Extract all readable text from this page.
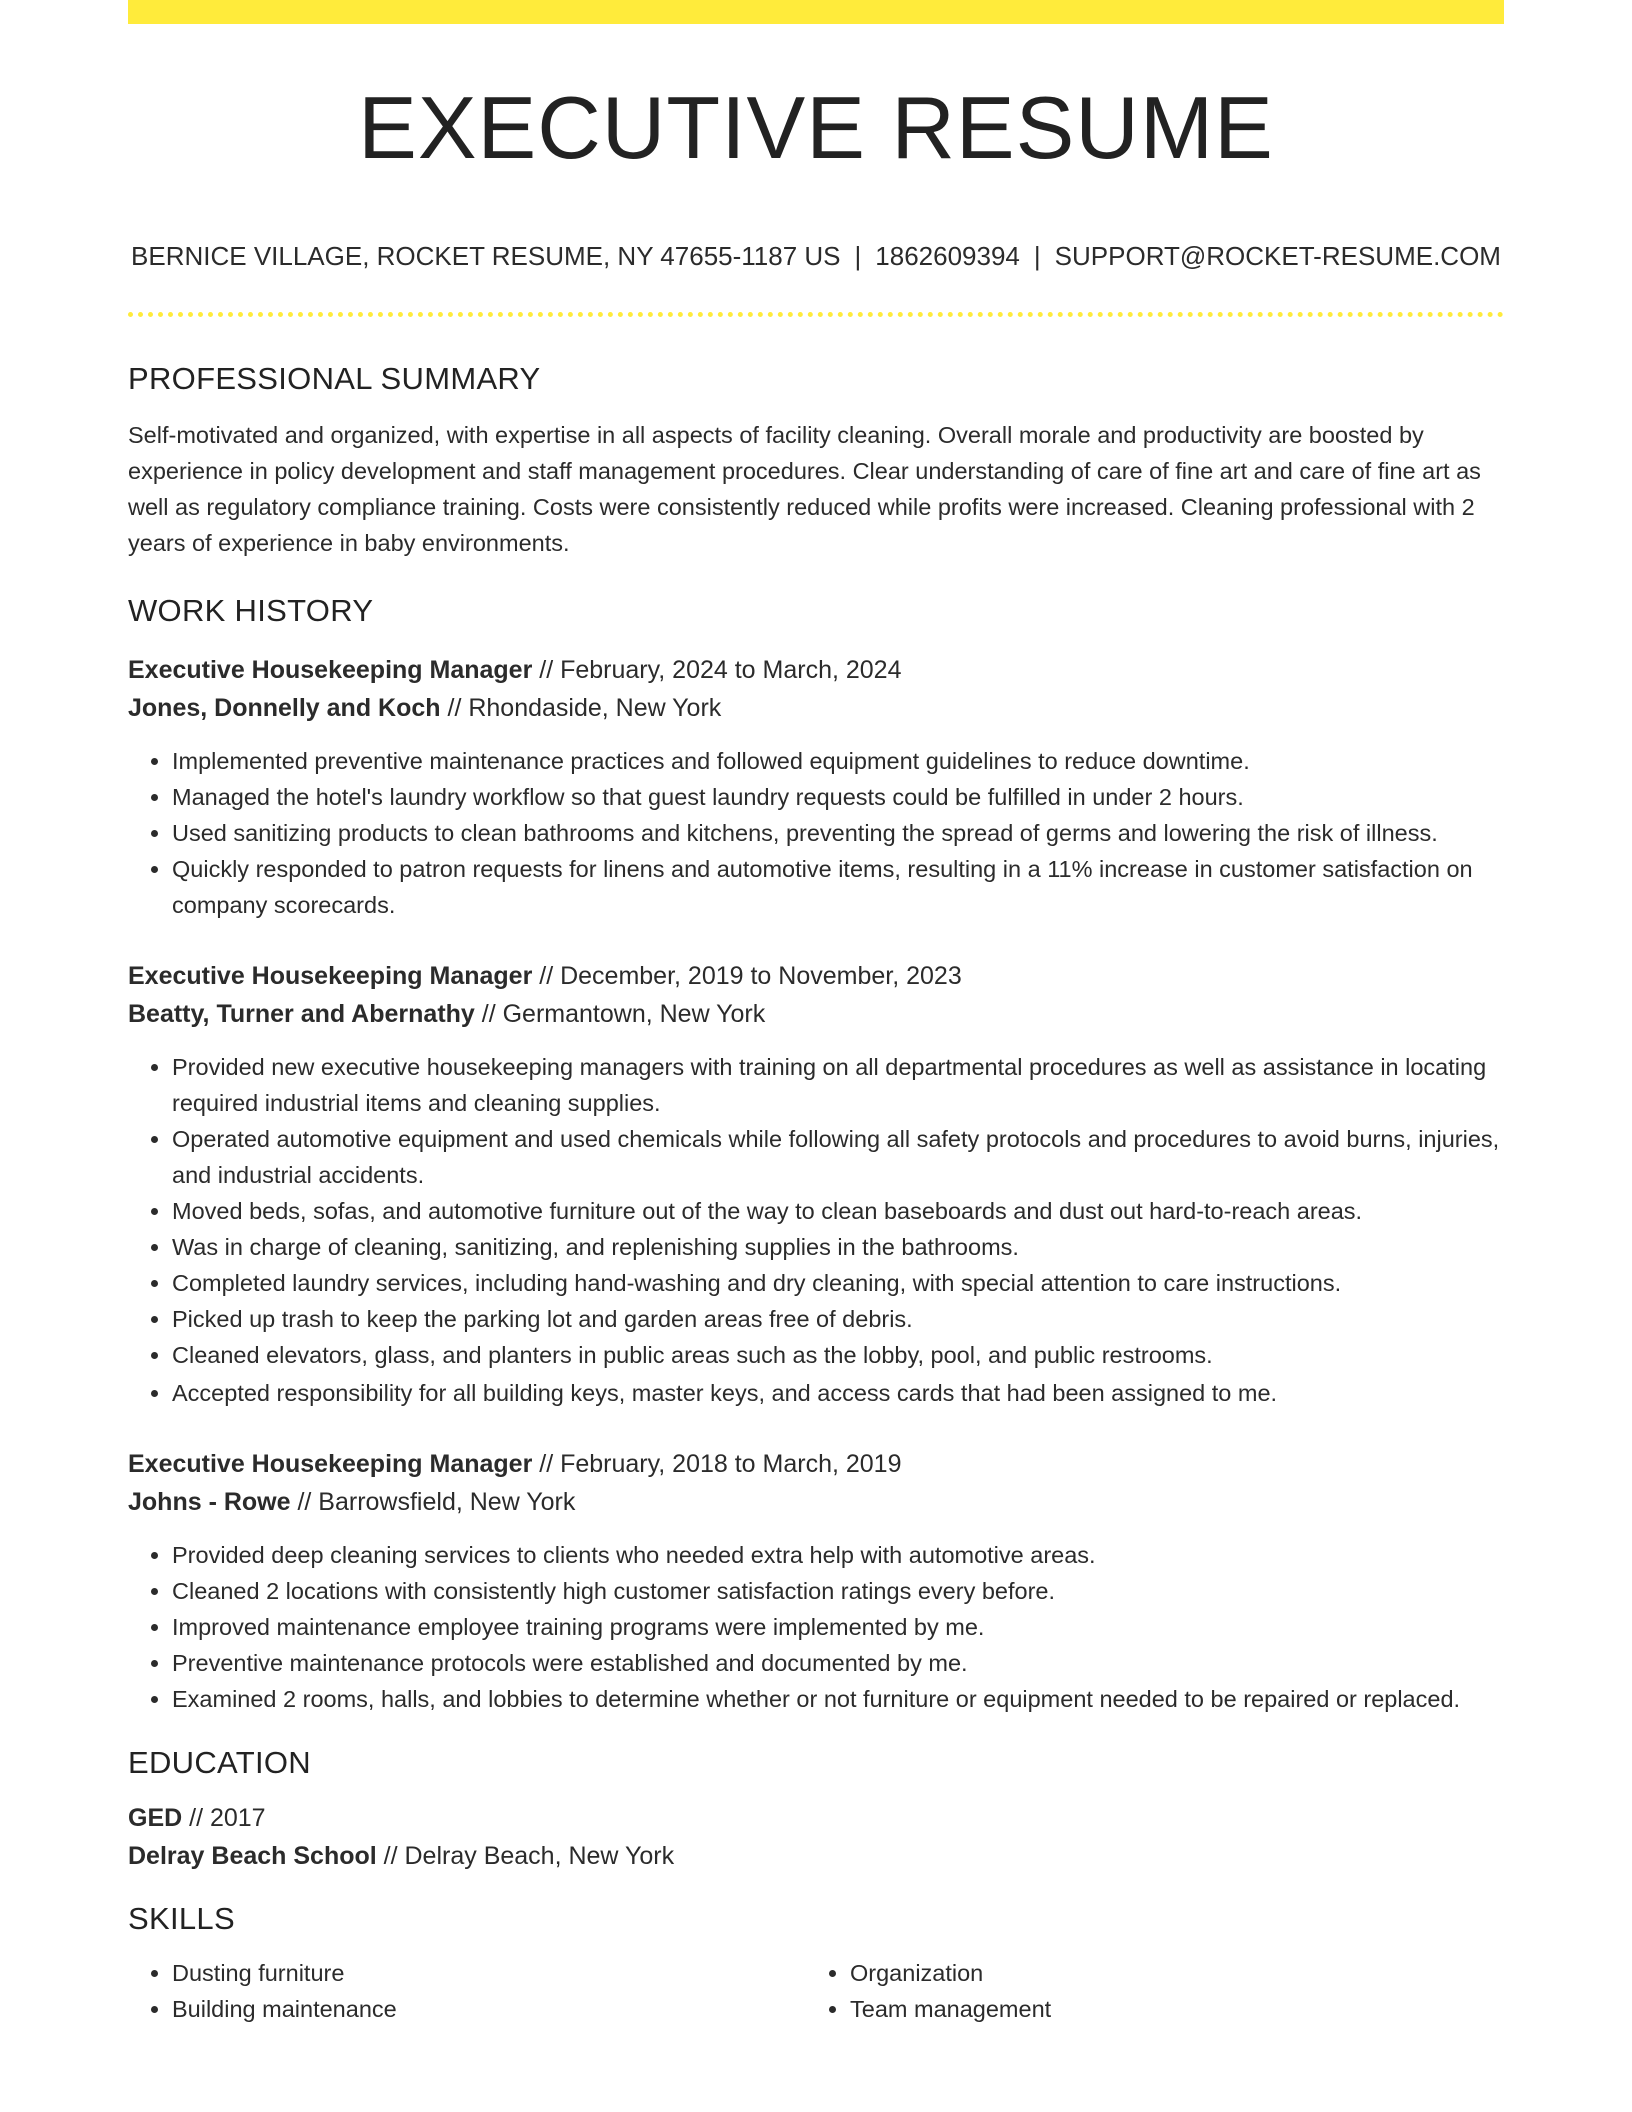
EXECUTIVE RESUME
BERNICE VILLAGE, ROCKET RESUME, NY 47655-1187 US | 1862609394 | SUPPORT@ROCKET-RESUME.COM
PROFESSIONAL SUMMARY

Self-motivated and organized, with expertise in all aspects of facility cleaning. Overall morale and productivity are boosted by experience in policy development and staff management procedures. Clear understanding of care of fine art and care of fine art as well as regulatory compliance training. Costs were consistently reduced while profits were increased. Cleaning professional with 2 years of experience in baby environments.

WORK HISTORY

Executive Housekeeping Manager // February, 2024 to March, 2024

Jones, Donnelly and Koch // Rhondaside, New York

• Implemented preventive maintenance practices and followed equipment guidelines to reduce downtime.
• Managed the hotel's laundry workflow so that guest laundry requests could be fulfilled in under 2 hours.
• Used sanitizing products to clean bathrooms and kitchens, preventing the spread of germs and lowering the risk of illness.
• Quickly responded to patron requests for linens and automotive items, resulting in a 11% increase in customer satisfaction on company scorecards.

Executive Housekeeping Manager // December, 2019 to November, 2023

Beatty, Turner and Abernathy // Germantown, New York

• Provided new executive housekeeping managers with training on all departmental procedures as well as assistance in locating required industrial items and cleaning supplies.
• Operated automotive equipment and used chemicals while following all safety protocols and procedures to avoid burns, injuries, and industrial accidents.
• Moved beds, sofas, and automotive furniture out of the way to clean baseboards and dust out hard-to-reach areas.
• Was in charge of cleaning, sanitizing, and replenishing supplies in the bathrooms.
• Completed laundry services, including hand-washing and dry cleaning, with special attention to care instructions.
• Picked up trash to keep the parking lot and garden areas free of debris.
• Cleaned elevators, glass, and planters in public areas such as the lobby, pool, and public restrooms.
• Accepted responsibility for all building keys, master keys, and access cards that had been assigned to me.

Executive Housekeeping Manager // February, 2018 to March, 2019

Johns - Rowe // Barrowsfield, New York

• Provided deep cleaning services to clients who needed extra help with automotive areas.
• Cleaned 2 locations with consistently high customer satisfaction ratings every before.
• Improved maintenance employee training programs were implemented by me.
• Preventive maintenance protocols were established and documented by me.
• Examined 2 rooms, halls, and lobbies to determine whether or not furniture or equipment needed to be repaired or replaced.
EDUCATION

GED // 2017

Delray Beach School // Delray Beach, New York

SKILLS
• Dusting furniture
• Building maintenance
• Organization
• Team management
